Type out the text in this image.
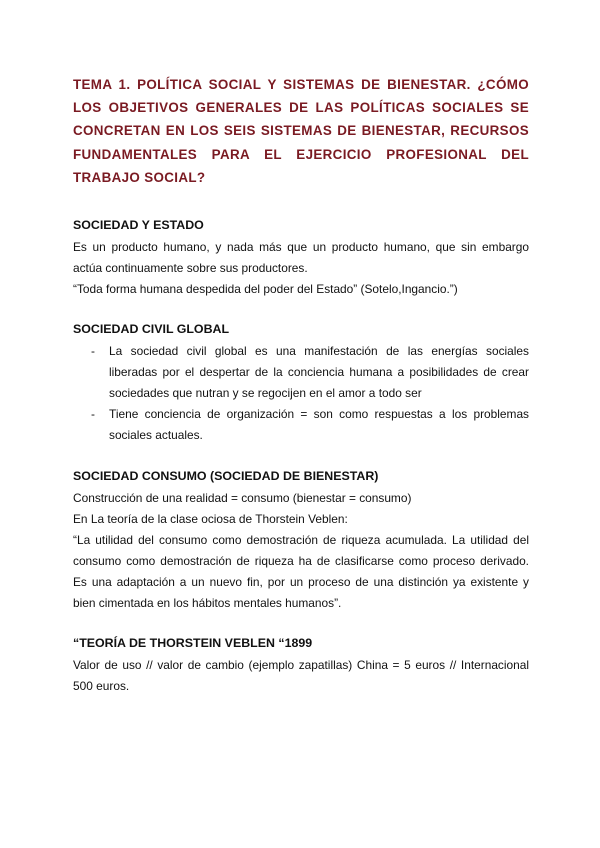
TEMA 1. POLÍTICA SOCIAL Y SISTEMAS DE BIENESTAR. ¿CÓMO
LOS OBJETIVOS GENERALES DE LAS POLÍTICAS SOCIALES SE
CONCRETAN EN LOS SEIS SISTEMAS DE BIENESTAR, RECURSOS
FUNDAMENTALES PARA EL EJERCICIO PROFESIONAL DEL
TRABAJO SOCIAL?
SOCIEDAD Y ESTADO
Es un producto humano, y nada más que un producto humano, que sin embargo
actúa continuamente sobre sus productores.
“Toda forma humana despedida del poder del Estado” (Sotelo,Ingancio.”)
SOCIEDAD CIVIL GLOBAL
- La sociedad civil global es una manifestación de las energías sociales
liberadas por el despertar de la conciencia humana a posibilidades de crear
sociedades que nutran y se regocijen en el amor a todo ser
- Tiene conciencia de organización = son como respuestas a los problemas
sociales actuales.
SOCIEDAD CONSUMO (SOCIEDAD DE BIENESTAR)
Construcción de una realidad = consumo (bienestar = consumo)
En La teoría de la clase ociosa de Thorstein Veblen:
“La utilidad del consumo como demostración de riqueza acumulada. La utilidad del
consumo como demostración de riqueza ha de clasificarse como proceso derivado.
Es una adaptación a un nuevo fin, por un proceso de una distinción ya existente y
bien cimentada en los hábitos mentales humanos”.
“TEORÍA DE THORSTEIN VEBLEN “1899
Valor de uso // valor de cambio (ejemplo zapatillas) China = 5 euros // Internacional
500 euros.
